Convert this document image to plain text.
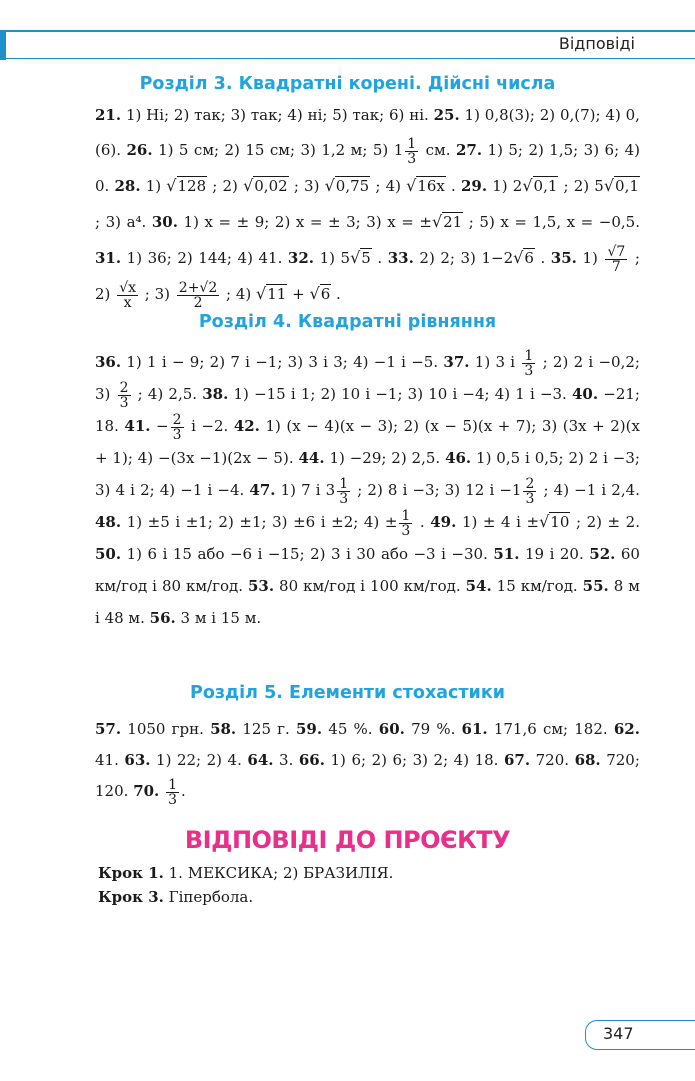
Відповіді
Розділ 3. Квадратні корені. Дійсні числа
21. 1) Ні; 2) так; 3) так; 4) ні; 5) так; 6) ні. 25. 1) 0,8(3); 2) 0,(7); 4) 0,(6). 26. 1) 5 см; 2) 15 см; 3) 1,2 м; 5) $1 \frac{1}{3}$ см. 27. 1) 5; 2) 1,5; 3) 6; 4) 0. 28. 1) √128 ; 2) √0,02 ; 3) √0,75 ; 4) √16x . 29. 1) 2√0,1 ; 2) 5√0,1 ; 3) a⁴. 30. 1) x = ± 9; 2) x = ± 3; 3) x = ±√21 ; 5) x = 1,5, x = −0,5. 31. 1) 36; 2) 144; 4) 41. 32. 1) 5√5 . 33. 2) 2; 3) 1−2√6 . 35. $1) \frac{√7}{7}$ ; $2) \frac{√x}{x}$ ; $3) \frac{2+√2}{2}$ ; 4) √11 + √6 .
Розділ 4. Квадратні рівняння
36. 1) 1 і − 9; 2) 7 і −1; 3) 3 і 3; 4) −1 і −5. 37. 1) 3 і $\frac{1}{3}$ ; 2) 2 і −0,2; $3) \frac{2}{3}$ ; 4) 2,5. 38. 1) −15 і 1; 2) 10 і −1; 3) 10 і −4; 4) 1 і −3. 40. −21; 18. 41. − $\frac{2}{3}$ і −2. 42. 1) (x − 4)(x − 3); 2) (x − 5)(x + 7); 3) (3x + 2)(x + 1); 4) −(3x −1)(2x − 5). 44. 1) −29; 2) 2,5. 46. 1) 0,5 і 0,5; 2) 2 і −3; 3) 4 і 2; 4) −1 і −4. 47. 1) 7 і $3 \frac{1}{3}$ ; 2) 8 і −3; 3) 12 $і -1 \frac{2}{3}$ ; 4) −1 і 2,4. 48. 1) ±5 і ±1; 2) ±1; 3) ±6 і ±2; $4) \pm \frac{1}{3}$ . 49. 1) ± 4 і ±√10 ; 2) ± 2. 50. 1) 6 і 15 або −6 і −15; 2) 3 і 30 або −3 і −30. 51. 19 і 20. 52. 60 км/год і 80 км/год. 53. 80 км/год і 100 км/год. 54. 15 км/год. 55. 8 м і 48 м. 56. 3 м і 15 м.
Розділ 5. Елементи стохастики
57. 1050 грн. 58. 125 г. 59. 45 %. 60. 79 %. 61. 171,6 см; 182. 62. 41. 63. 1) 22; 2) 4. 64. 3. 66. 1) 6; 2) 6; 3) 2; 4) 18. 67. 720. 68. 720; 120. 70. $\frac{1}{3}$ .
ВІДПОВІДІ ДО ПРОЄКТУ
Крок 1. 1. МЕКСИКА; 2) БРАЗИЛІЯ.
Крок 3. Гіпербола.
347
